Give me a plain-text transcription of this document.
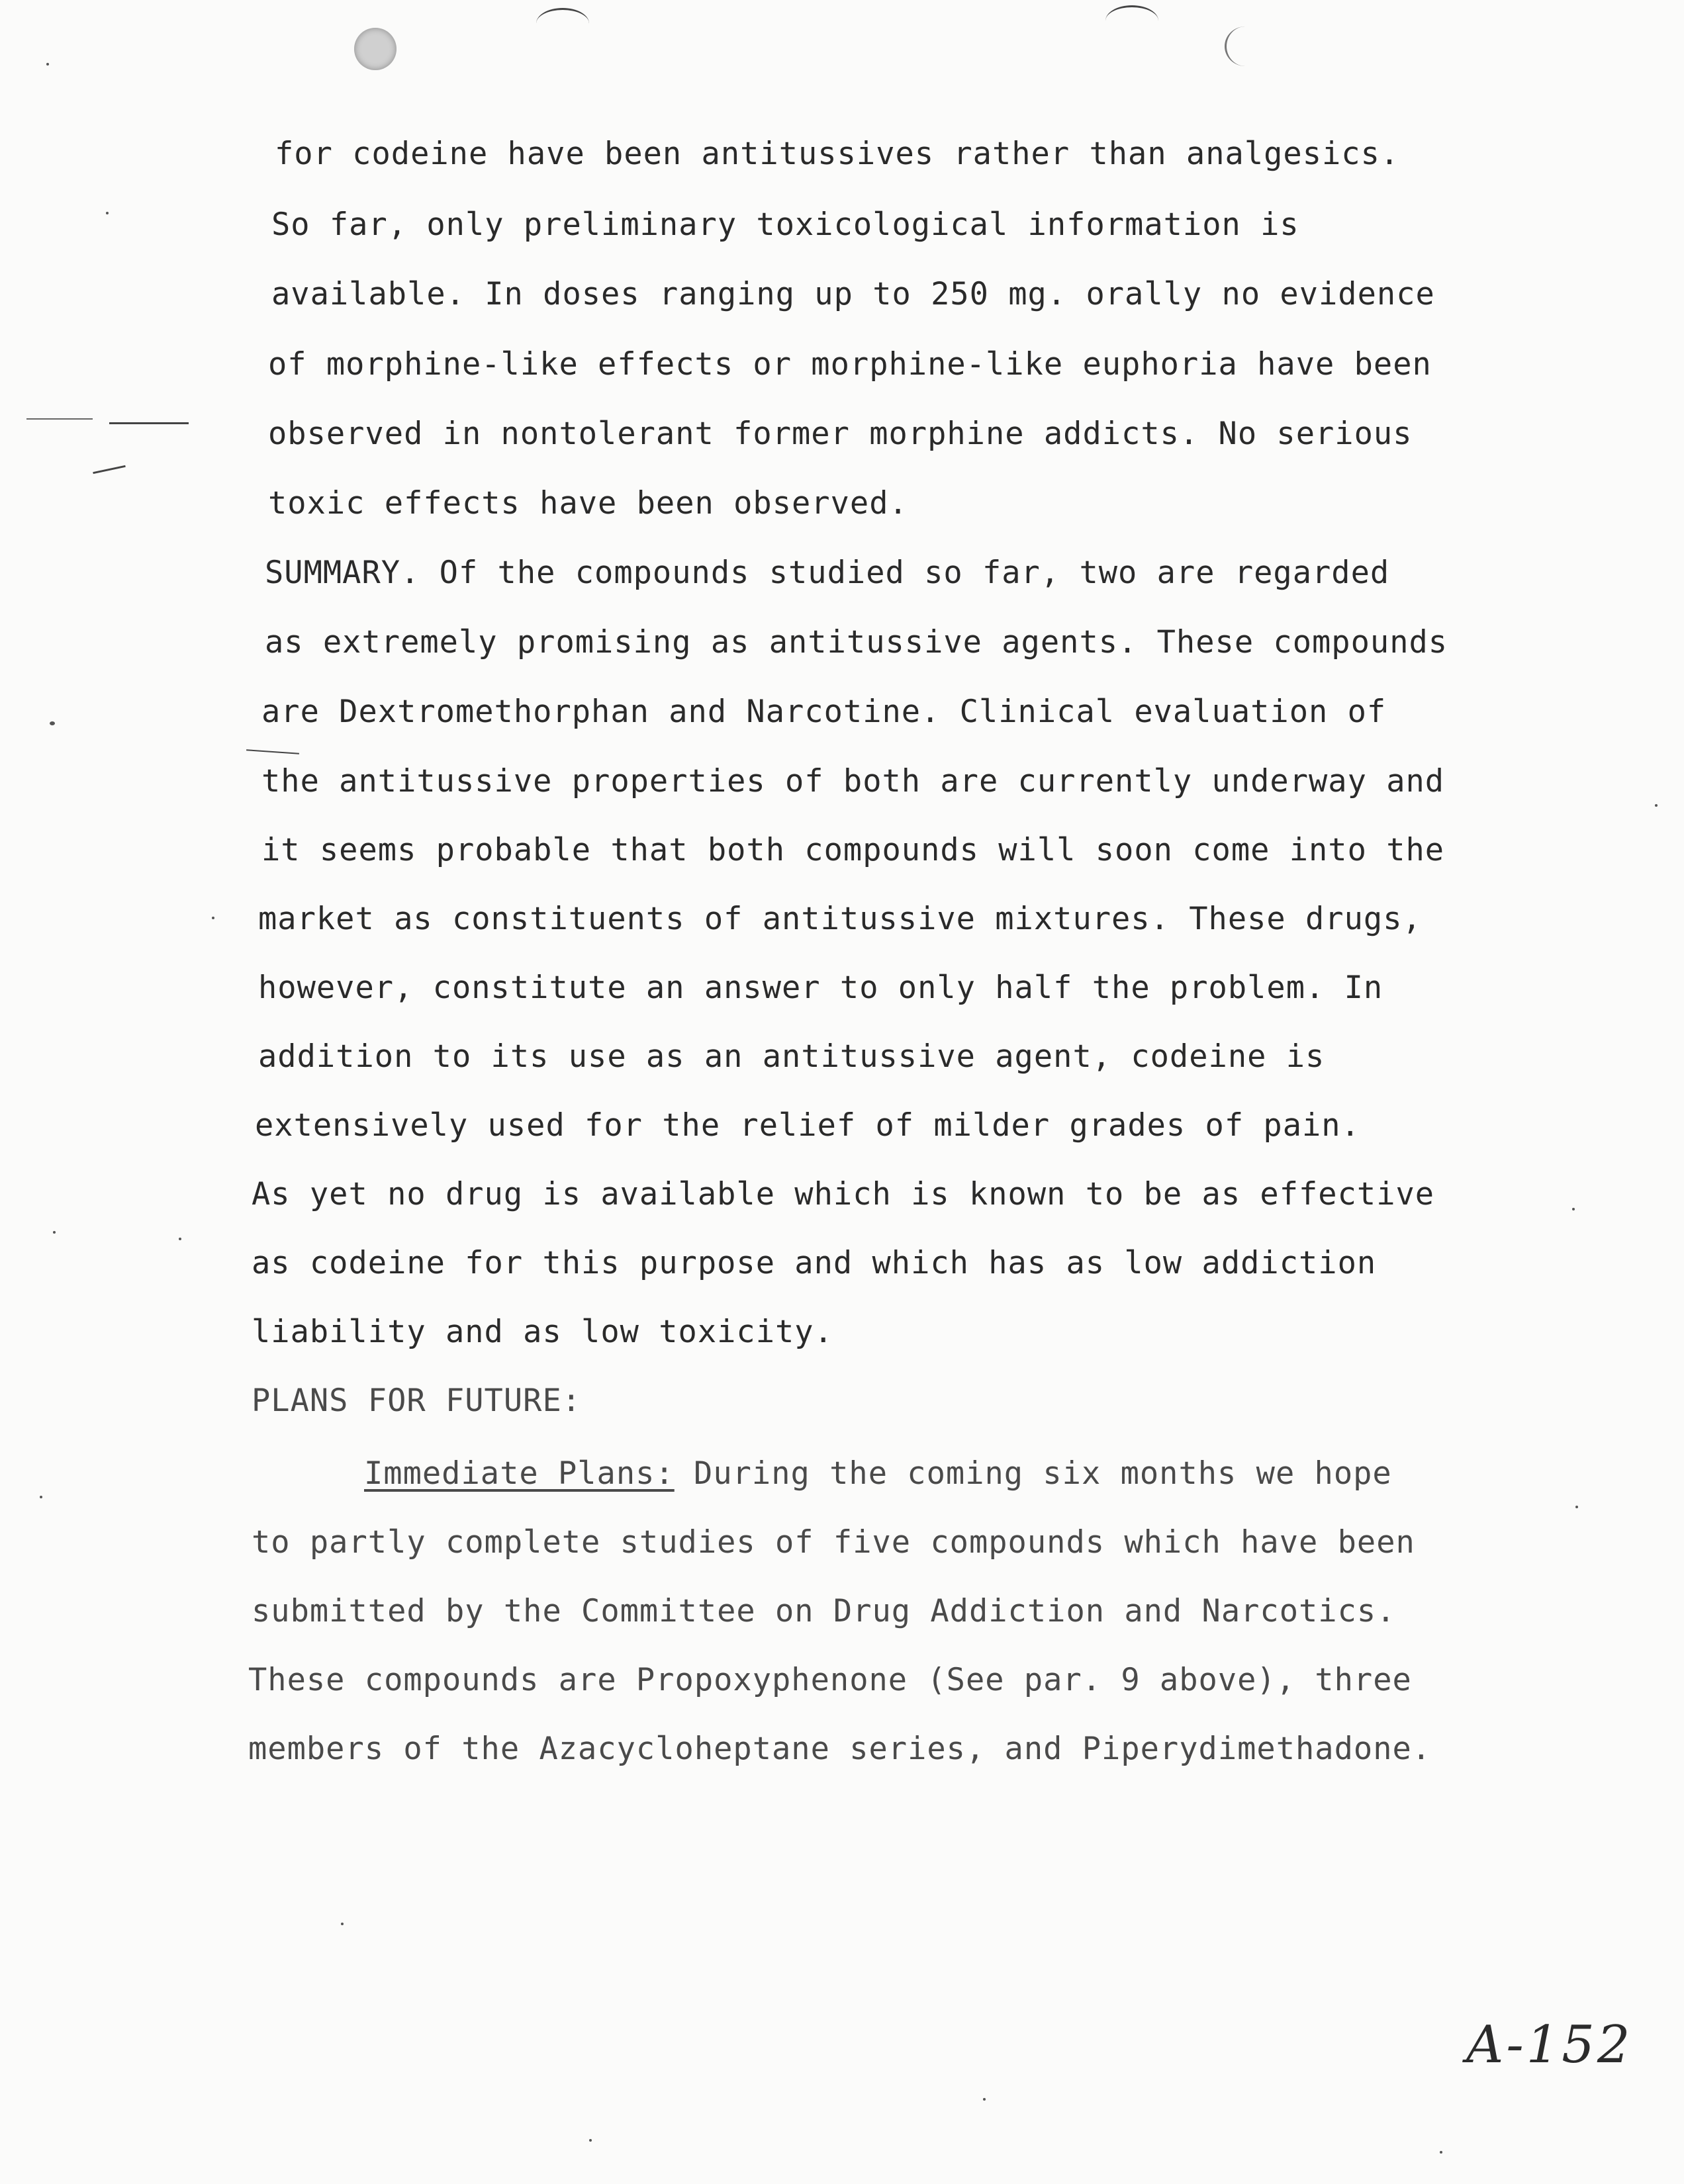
for codeine have been antitussives rather than analgesics.
So far, only preliminary toxicological information is
available. In doses ranging up to 250 mg. orally no evidence
of morphine-like effects or morphine-like euphoria have been
observed in nontolerant former morphine addicts. No serious
toxic effects have been observed.
SUMMARY. Of the compounds studied so far, two are regarded
as extremely promising as antitussive agents. These compounds
are Dextromethorphan and Narcotine. Clinical evaluation of
the antitussive properties of both are currently underway and
it seems probable that both compounds will soon come into the
market as constituents of antitussive mixtures. These drugs,
however, constitute an answer to only half the problem. In
addition to its use as an antitussive agent, codeine is
extensively used for the relief of milder grades of pain.
As yet no drug is available which is known to be as effective
as codeine for this purpose and which has as low addiction
liability and as low toxicity.
PLANS FOR FUTURE:
Immediate Plans: During the coming six months we hope
to partly complete studies of five compounds which have been
submitted by the Committee on Drug Addiction and Narcotics.
These compounds are Propoxyphenone (See par. 9 above), three
members of the Azacycloheptane series, and Piperydimethadone.
A-152
